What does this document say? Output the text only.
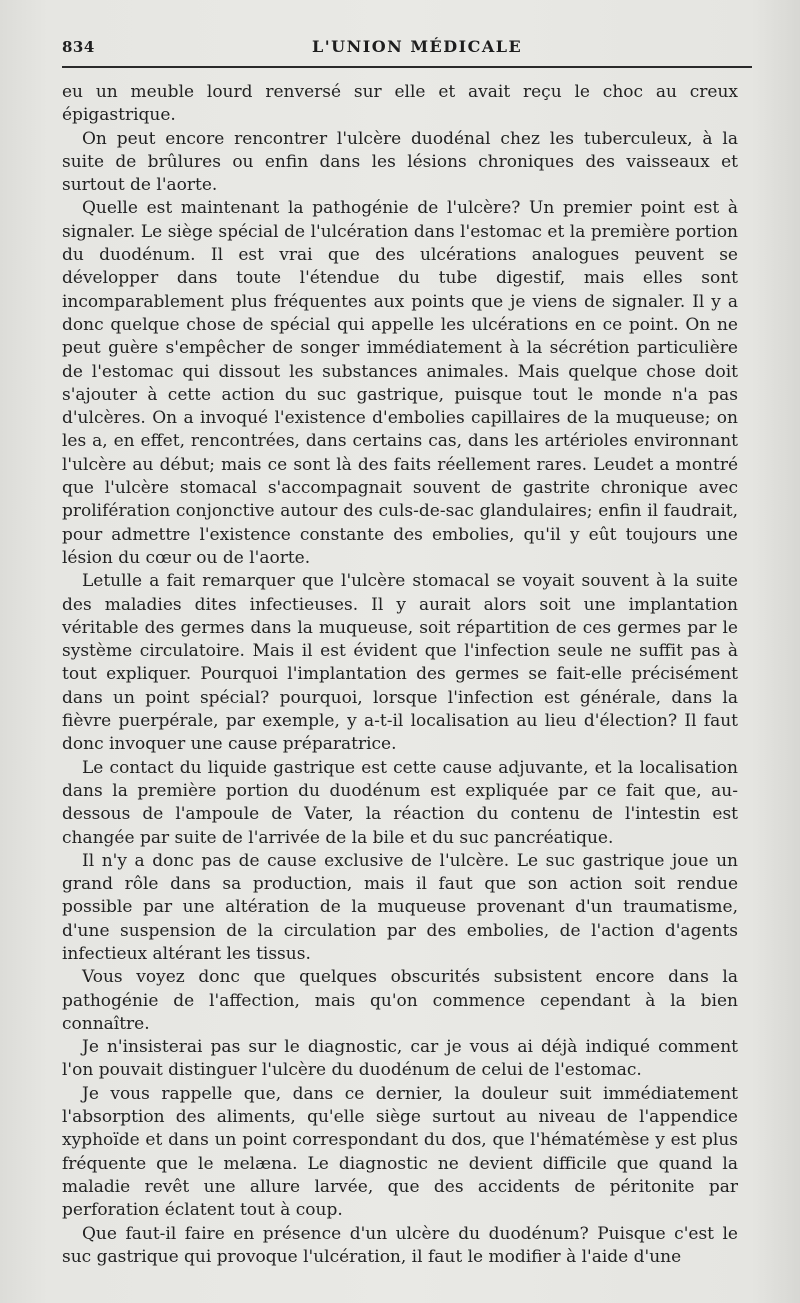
834	L'UNION MÉDICALE

eu un meuble lourd renversé sur elle et avait reçu le choc au creux épigastrique.

On peut encore rencontrer l'ulcère duodénal chez les tuberculeux, à la suite de brûlures ou enfin dans les lésions chroniques des vaisseaux et surtout de l'aorte.

Quelle est maintenant la pathogénie de l'ulcère? Un premier point est à signaler. Le siège spécial de l'ulcération dans l'estomac et la première portion du duodénum. Il est vrai que des ulcérations analogues peuvent se développer dans toute l'étendue du tube digestif, mais elles sont incomparablement plus fréquentes aux points que je viens de signaler. Il y a donc quelque chose de spécial qui appelle les ulcérations en ce point. On ne peut guère s'empêcher de songer immédiatement à la sécrétion particulière de l'estomac qui dissout les substances animales. Mais quelque chose doit s'ajouter à cette action du suc gastrique, puisque tout le monde n'a pas d'ulcères. On a invoqué l'existence d'embolies capillaires de la muqueuse; on les a, en effet, rencontrées, dans certains cas, dans les artérioles environnant l'ulcère au début; mais ce sont là des faits réellement rares. Leudet a montré que l'ulcère stomacal s'accompagnait souvent de gastrite chronique avec prolifération conjonctive autour des culs-de-sac glandulaires; enfin il faudrait, pour admettre l'existence constante des embolies, qu'il y eût toujours une lésion du cœur ou de l'aorte.

Letulle a fait remarquer que l'ulcère stomacal se voyait souvent à la suite des maladies dites infectieuses. Il y aurait alors soit une implantation véritable des germes dans la muqueuse, soit répartition de ces germes par le système circulatoire. Mais il est évident que l'infection seule ne suffit pas à tout expliquer. Pourquoi l'implantation des germes se fait-elle précisément dans un point spécial? pourquoi, lorsque l'infection est générale, dans la fièvre puerpérale, par exemple, y a-t-il localisation au lieu d'élection? Il faut donc invoquer une cause préparatrice.

Le contact du liquide gastrique est cette cause adjuvante, et la localisation dans la première portion du duodénum est expliquée par ce fait que, au-dessous de l'ampoule de Vater, la réaction du contenu de l'intestin est changée par suite de l'arrivée de la bile et du suc pancréatique.

Il n'y a donc pas de cause exclusive de l'ulcère. Le suc gastrique joue un grand rôle dans sa production, mais il faut que son action soit rendue possible par une altération de la muqueuse provenant d'un traumatisme, d'une suspension de la circulation par des embolies, de l'action d'agents infectieux altérant les tissus.

Vous voyez donc que quelques obscurités subsistent encore dans la pathogénie de l'affection, mais qu'on commence cependant à la bien connaître.

Je n'insisterai pas sur le diagnostic, car je vous ai déjà indiqué comment l'on pouvait distinguer l'ulcère du duodénum de celui de l'estomac.

Je vous rappelle que, dans ce dernier, la douleur suit immédiatement l'absorption des aliments, qu'elle siège surtout au niveau de l'appendice xyphoïde et dans un point correspondant du dos, que l'hématémèse y est plus fréquente que le melæna. Le diagnostic ne devient difficile que quand la maladie revêt une allure larvée, que des accidents de péritonite par perforation éclatent tout à coup.

Que faut-il faire en présence d'un ulcère du duodénum? Puisque c'est le suc gastrique qui provoque l'ulcération, il faut le modifier à l'aide d'une
